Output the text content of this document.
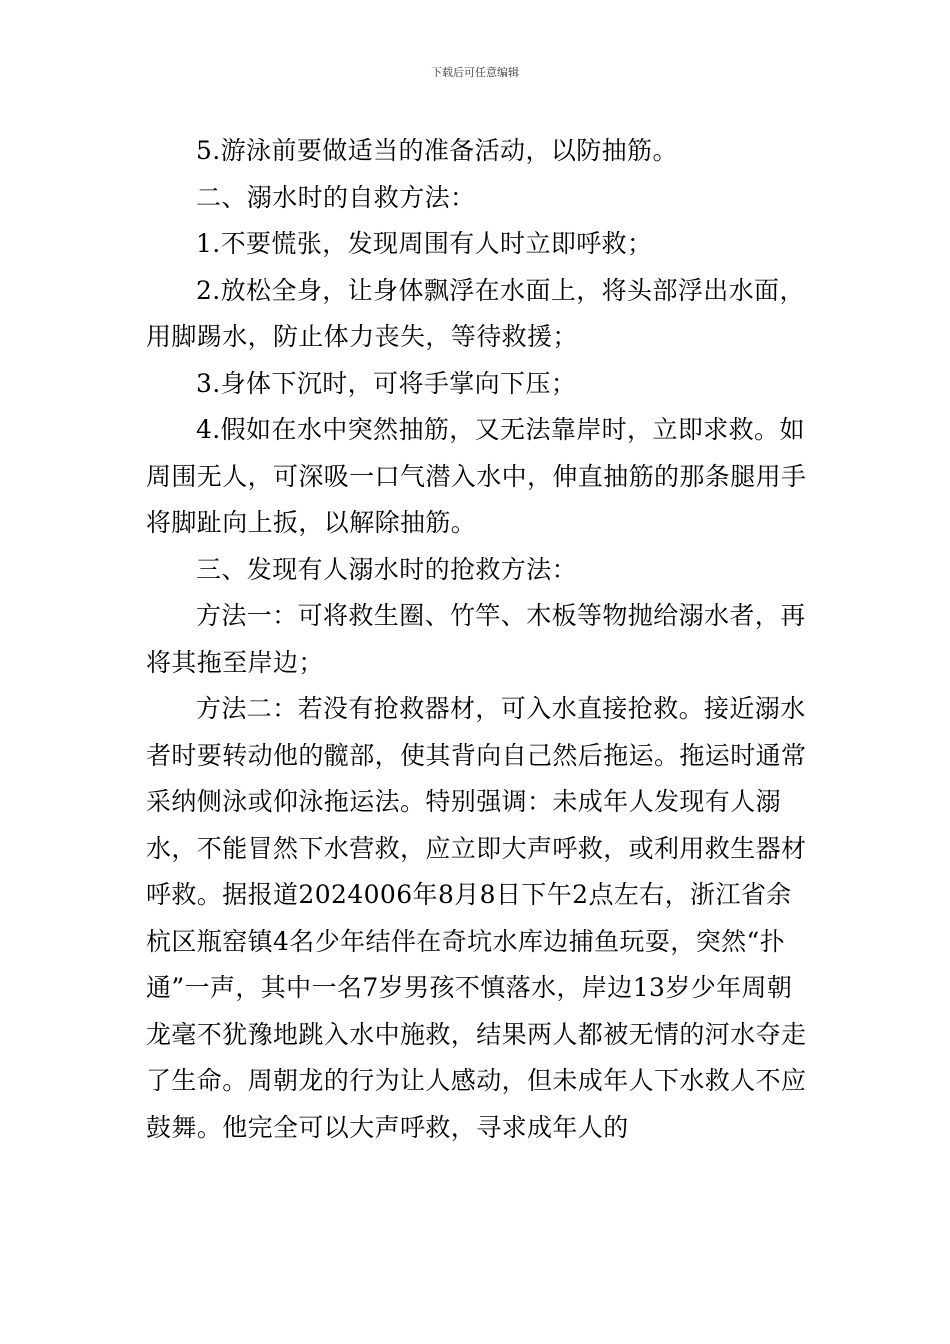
下载后可任意编辑

5.游泳前要做适当的准备活动，以防抽筋。

二、溺水时的自救方法：

1.不要慌张，发现周围有人时立即呼救；

2.放松全身，让身体飘浮在水面上，将头部浮出水面，用脚踢水，防止体力丧失，等待救援；

3.身体下沉时，可将手掌向下压；

4.假如在水中突然抽筋，又无法靠岸时，立即求救。如周围无人，可深吸一口气潜入水中，伸直抽筋的那条腿用手将脚趾向上扳，以解除抽筋。

三、发现有人溺水时的抢救方法：

方法一：可将救生圈、竹竿、木板等物抛给溺水者，再将其拖至岸边；

方法二：若没有抢救器材，可入水直接抢救。接近溺水者时要转动他的髋部，使其背向自己然后拖运。拖运时通常采纳侧泳或仰泳拖运法。特别强调：未成年人发现有人溺水，不能冒然下水营救，应立即大声呼救，或利用救生器材呼救。据报道2024006年8月8日下午2点左右，浙江省余杭区瓶窑镇4名少年结伴在奇坑水库边捕鱼玩耍，突然“扑通”一声，其中一名7岁男孩不慎落水，岸边13岁少年周朝龙毫不犹豫地跳入水中施救，结果两人都被无情的河水夺走了生命。周朝龙的行为让人感动，但未成年人下水救人不应鼓舞。他完全可以大声呼救，寻求成年人的
